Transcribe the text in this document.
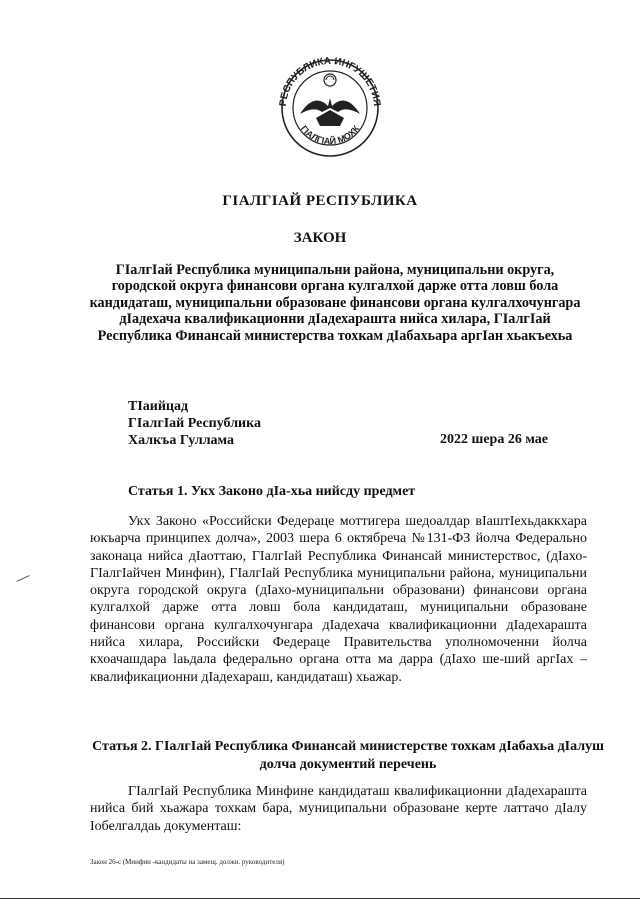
РЕСПУБЛИКА ИНГУШЕТИЯ
ГIАЛГIАЙ МОХК
ГIАЛГIАЙ РЕСПУБЛИКА
ЗАКОН
ГIалгIай Республика муниципальни района, муниципальни округа, городской округа финансови органа кулгалхой дарже отта ловш бола кандидаташ, муниципальни образоване финансови органа кулгалхочунгара дIадехача квалификационни дIадехараштa нийса хилара, ГIалгIай Республика Финансай министерства тохкам дIабахьара аргIан хьакъехьа
ТIаийцад
ГIалгIай Республика
Халкъа Гуллама	2022 шера 26 мае
Статья 1. Укх Законо дIа-хьа нийсду предмет
Укх Законо «Российски Федераце моттигера шедоалдар вIаштIехьдаккхара юкъарча принципех долча», 2003 шера 6 октябреча №131-ФЗ йолча Федерально законаца нийса дIаоттаю, ГIалгIай Республика Финансай министерствос, (дIахо-ГIалгIайчен Минфин), ГIалгIай Республика муниципальни района, муниципальни округа городской округа (дIахо-муниципальни образовани) финансови органа кулгалхой дарже отта ловш бола кандидаташ, муниципальни образоване финансови органа кулгалхочунгара дIадехача квалификационни дIадехараштa нийса хилара, Российски Федераце Правительства уполномоченни йолча кхоачашдара lаьдала федерально органа отта ма дарра (дIахо ше-ший аргIах – квалификационни дIадехараш, кандидаташ) хьажар.
Статья 2. ГIалгIай Республика Финансай министерстве тохкам дIабахьа дIалуш долча документий перечень
ГIалгIай Республика Минфине кандидаташ квалификационни дIадехараштa нийса бий хьажара тохкам бара, муниципальни образоване керте латтачо дIалу Iобелгалдаь документаш:
Закон 26-с (Минфин -кандидаты на замещ. должн. руководителя)
